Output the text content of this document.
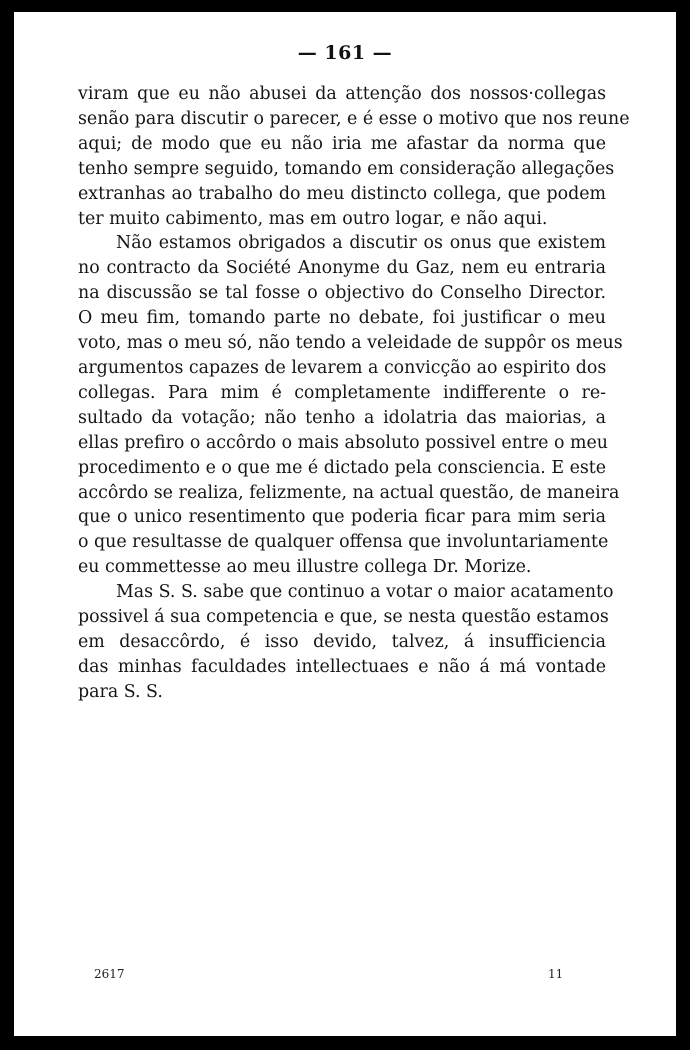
— 161 —
viram que eu não abusei da attenção dos nossos·collegas
senão para discutir o parecer, e é esse o motivo que nos reune
aqui; de modo que eu não iria me afastar da norma que
tenho sempre seguido, tomando em consideração allegações
extranhas ao trabalho do meu distincto collega, que podem
ter muito cabimento, mas em outro logar, e não aqui.
Não estamos obrigados a discutir os onus que existem
no contracto da Société Anonyme du Gaz, nem eu entraria
na discussão se tal fosse o objectivo do Conselho Director.
O meu fim, tomando parte no debate, foi justificar o meu
voto, mas o meu só, não tendo a veleidade de suppôr os meus
argumentos capazes de levarem a convicção ao espirito dos
collegas. Para mim é completamente indifferente o re-
sultado da votação; não tenho a idolatria das maiorias, a
ellas prefiro o accôrdo o mais absoluto possivel entre o meu
procedimento e o que me é dictado pela consciencia. E este
accôrdo se realiza, felizmente, na actual questão, de maneira
que o unico resentimento que poderia ficar para mim seria
o que resultasse de qualquer offensa que involuntariamente
eu commettesse ao meu illustre collega Dr. Morize.
Mas S. S. sabe que continuo a votar o maior acatamento
possivel á sua competencia e que, se nesta questão estamos
em desaccôrdo, é isso devido, talvez, á insufficiencia
das minhas faculdades intellectuaes e não á má vontade
para S. S.
2617	11
